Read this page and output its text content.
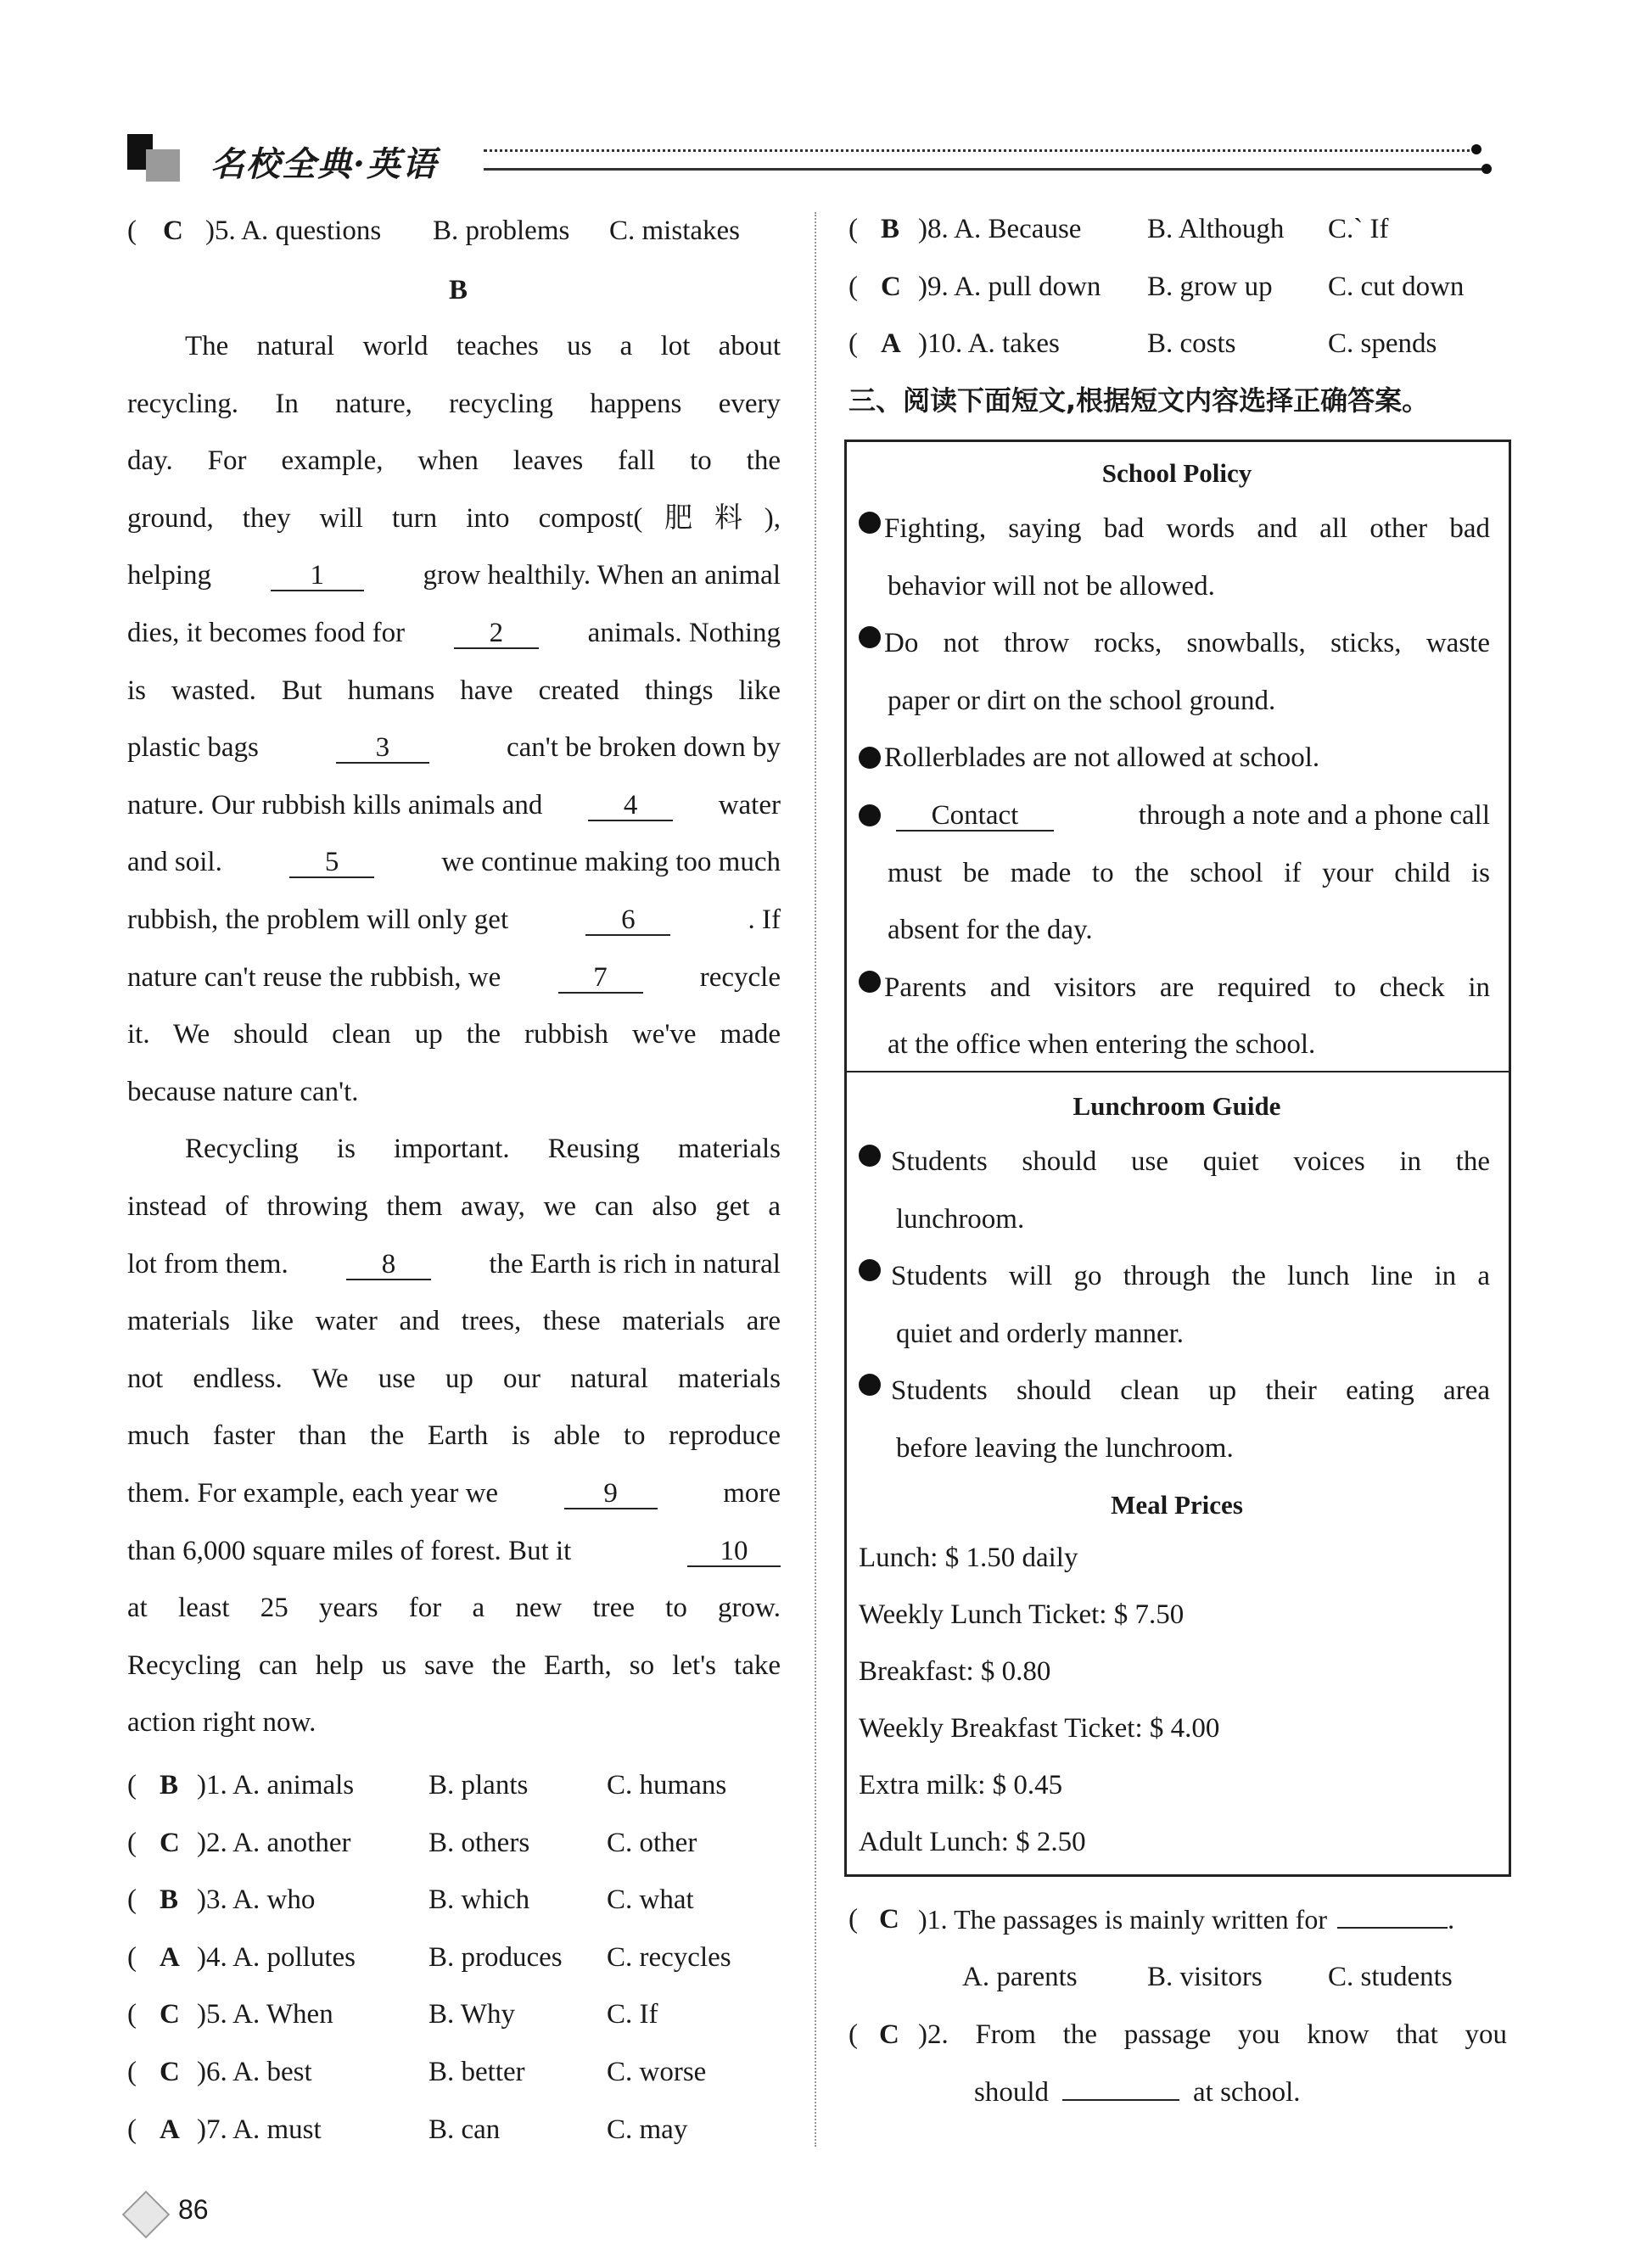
名校全典·英语
( C )5. A. questions B. problems C. mistakes
B
The natural world teaches us a lot about
recycling. In nature, recycling happens every
day. For example, when leaves fall to the
ground, they will turn into compost(肥料),
helping	1	grow healthily. When an animal
dies, it becomes food for	2	animals. Nothing
is wasted. But humans have created things like
plastic bags	3	can't be broken down by
nature. Our rubbish kills animals and	4	water
and soil.	5	we continue making too much
rubbish, the problem will only get	6	. If
nature can't reuse the rubbish, we	7	recycle
it. We should clean up the rubbish we've made
because nature can't.
Recycling is important. Reusing materials
instead of throwing them away, we can also get a
lot from them.	8	the Earth is rich in natural
materials like water and trees, these materials are
not endless. We use up our natural materials
much faster than the Earth is able to reproduce
them. For example, each year we	9	more
than 6,000 square miles of forest. But it	10
at least 25 years for a new tree to grow.
Recycling can help us save the Earth, so let's take
action right now.
( B )1. A. animals	B. plants	C. humans
( C )2. A. another	B. others	C. other
( B )3. A. who	B. which	C. what
( A )4. A. pollutes	B. produces C. recycles
( C )5. A. When	B. Why	C. If
( C )6. A. best	B. better	C. worse
( A )7. A. must	B. can	C. may
( B )8. A. Because B. Although C.` If
( C )9. A. pull down B. grow up C. cut down
( A )10. A. takes	B. costs	C. spends
三、阅读下面短文,根据短文内容选择正确答案。
School Policy
Fighting, saying bad words and all other bad
behavior will not be allowed.
Do not throw rocks, snowballs, sticks, waste
paper or dirt on the school ground.
Rollerblades are not allowed at school.
Contact	through a note and a phone call
must be made to the school if your child is
absent for the day.
Parents and visitors are required to check in
at the office when entering the school.
Lunchroom Guide
Students should use quiet voices in the
lunchroom.
Students will go through the lunch line in a
quiet and orderly manner.
Students should clean up their eating area
before leaving the lunchroom.
Meal Prices
Lunch: $ 1.50 daily
Weekly Lunch Ticket: $ 7.50
Breakfast: $ 0.80
Weekly Breakfast Ticket: $ 4.00
Extra milk: $ 0.45
Adult Lunch: $ 2.50
( C )1. The passages is mainly written for	.
A. parents B. visitors C. students
( C )2. From the passage you know that you
should	at school.
86
